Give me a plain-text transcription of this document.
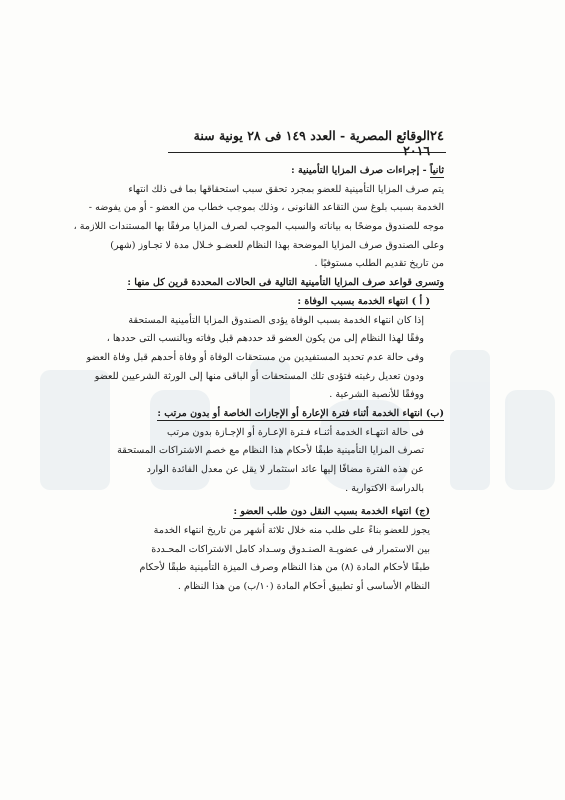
٢٤
الوقائع المصرية - العدد ١٤٩ فى ٢٨ يونية سنة ٢٠١٦
ثانياً - إجراءات صرف المزايا التأمينية :
يتم صرف المزايا التأمينية للعضو بمجرد تحقق سبب استحقاقها بما فى ذلك انتهاء
الخدمة بسبب بلوغ سن التقاعد القانونى ، وذلك بموجب خطاب من العضو - أو من يفوضه -
موجه للصندوق موضحًا به بياناته والسبب الموجب لصرف المزايا مرفقًا بها المستندات اللازمة ،
وعلى الصندوق صرف المزايا الموضحة بهذا النظام للعضـو خـلال مدة لا تجـاوز (شهر)
من تاريخ تقديم الطلب مستوفيًا .
وتسرى قواعد صرف المزايا التأمينية التالية فى الحالات المحددة قرين كل منها :
( أ ) انتهاء الخدمة بسبب الوفاة :
إذا كان انتهاء الخدمة بسبب الوفاة يؤدى الصندوق المزايا التأمينية المستحقة
وفقًا لهذا النظام إلى من يكون العضو قد حددهم قبل وفاته وبالنسب التى حددها ،
وفى حالة عدم تحديد المستفيدين من مستحقات الوفاة أو وفاة أحدهم قبل وفاة العضو
ودون تعديل رغبته فتؤدى تلك المستحقات أو الباقى منها إلى الورثة الشرعيين للعضو
ووفقًا للأنصبة الشرعية .
(ب) انتهاء الخدمة أثناء فترة الإعارة أو الإجازات الخاصة أو بدون مرتب :
فى حالة انتهـاء الخدمة أثنـاء فـترة الإعـارة أو الإجـازة بدون مرتب
تصرف المزايا التأمينية طبقًا لأحكام هذا النظام مع خصم الاشتراكات المستحقة
عن هذه الفترة مضافًا إليها عائد استثمار لا يقل عن معدل الفائدة الوارد
بالدراسة الاكتوارية .
(ج) انتهاء الخدمة بسبب النقل دون طلب العضو :
يجوز للعضو بناءً على طلب منه خلال ثلاثة أشهر من تاريخ انتهاء الخدمة
بين الاستمرار فى عضويـة الصنـدوق وسـداد كامل الاشتراكات المحـددة
طبقًا لأحكام المادة (٨) من هذا النظام وصرف الميزة التأمينية طبقًا لأحكام
النظام الأساسى أو تطبيق أحكام المادة (١٠/ب) من هذا النظام .
